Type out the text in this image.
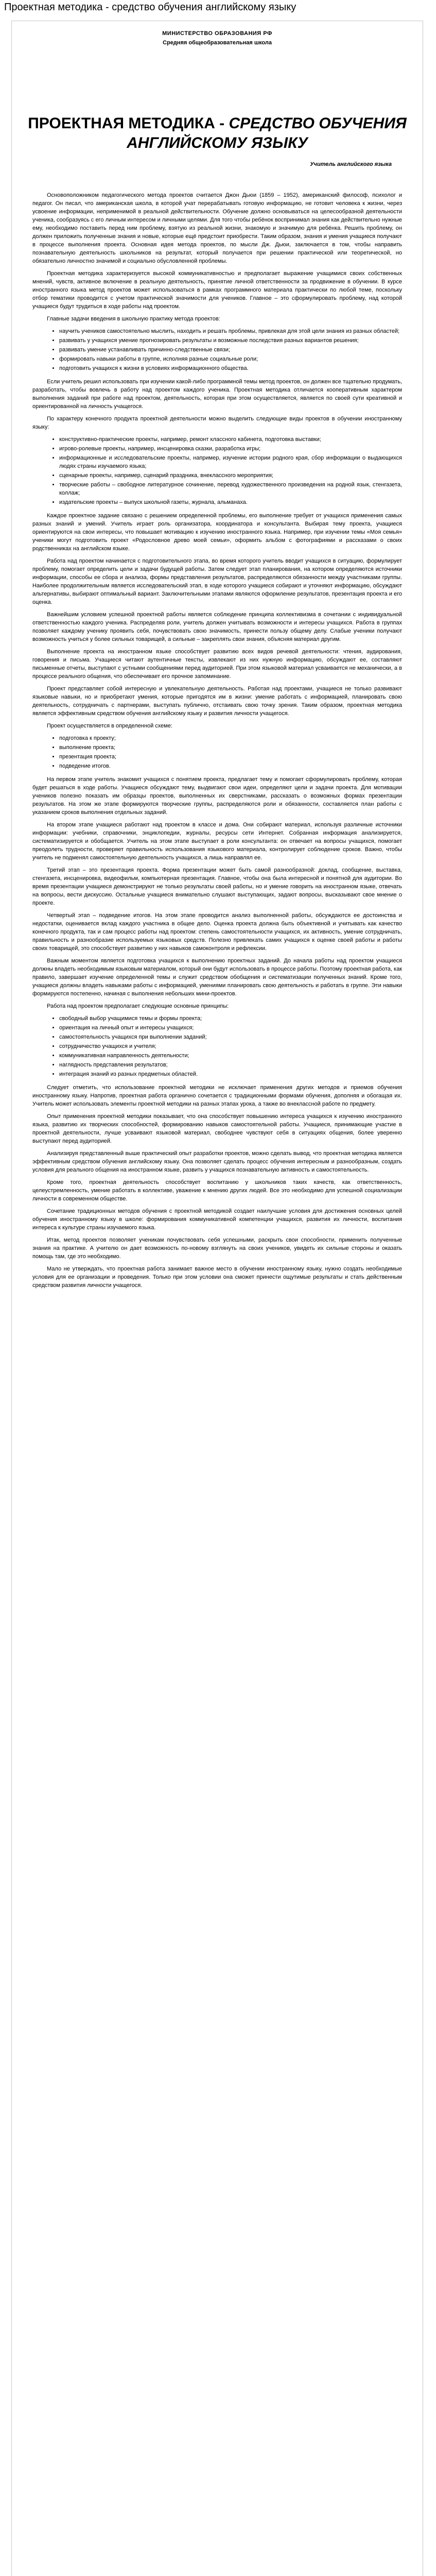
Проектная методика - средство обучения английскому языку
МИНИСТЕРСТВО ОБРАЗОВАНИЯ РФ
Средняя общеобразовательная школа
ПРОЕКТНАЯ МЕТОДИКА - СРЕДСТВО ОБУЧЕНИЯ АНГЛИЙСКОМУ ЯЗЫКУ
Учитель английского языка

Основоположником педагогического метода проектов считается Джон Дьюи (1859 – 1952), американский философ, психолог и педагог. Он писал, что американская школа, в которой учат перерабатывать готовую информацию, не готовит человека к жизни, через усвоение информации, неприменимой в реальной действительности. Обучение должно основываться на целесообразной деятельности ученика, сообразуясь с его личным интересом и личными целями. Для того чтобы ребёнок воспринимал знания как действительно нужные ему, необходимо поставить перед ним проблему, взятую из реальной жизни, знакомую и значимую для ребёнка. Решить проблему, он должен приложить полученные знания и новые, которые ещё предстоит приобрести. Таким образом, знания и умения учащиеся получают в процессе выполнения проекта. Основная идея метода проектов, по мысли Дж. Дьюи, заключается в том, чтобы направить познавательную деятельность школьников на результат, который получается при решении практической или теоретической, но обязательно личностно значимой и социально обусловленной проблемы.

Проектная методика характеризуется высокой коммуникативностью и предполагает выражение учащимися своих собственных мнений, чувств, активное включение в реальную деятельность, принятие личной ответственности за продвижение в обучении. В курсе иностранного языка метод проектов может использоваться в рамках программного материала практически по любой теме, поскольку отбор тематики проводится с учетом практической значимости для учеников. Главное – это сформулировать проблему, над которой учащиеся будут трудиться в ходе работы над проектом.

Главные задачи введения в школьную практику метода проектов:

• научить учеников самостоятельно мыслить, находить и решать проблемы, привлекая для этой цели знания из разных областей;
• развивать у учащихся умение прогнозировать результаты и возможные последствия разных вариантов решения;
• развивать умение устанавливать причинно-следственные связи;
• формировать навыки работы в группе, исполняя разные социальные роли;
• подготовить учащихся к жизни в условиях информационного общества.

Если учитель решил использовать при изучении какой-либо программной темы метод проектов, он должен все тщательно продумать, разработать, чтобы вовлечь в работу над проектом каждого ученика. Проектная методика отличается кооперативным характером выполнения заданий при работе над проектом, деятельность, которая при этом осуществляется, является по своей сути креативной и ориентированной на личность учащегося.

По характеру конечного продукта проектной деятельности можно выделить следующие виды проектов в обучении иностранному языку:

• конструктивно-практические проекты, например, ремонт классного кабинета, подготовка выставки;
• игрово-ролевые проекты, например, инсценировка сказки, разработка игры;
• информационные и исследовательские проекты, например, изучение истории родного края, сбор информации о выдающихся людях страны изучаемого языка;
• сценарные проекты, например, сценарий праздника, внеклассного мероприятия;
• творческие работы – свободное литературное сочинение, перевод художественного произведения на родной язык, стенгазета, коллаж;
• издательские проекты – выпуск школьной газеты, журнала, альманаха.

Каждое проектное задание связано с решением определенной проблемы, его выполнение требует от учащихся применения самых разных знаний и умений. Учитель играет роль организатора, координатора и консультанта. Выбирая тему проекта, учащиеся ориентируются на свои интересы, что повышает мотивацию к изучению иностранного языка. Например, при изучении темы «Моя семья» ученики могут подготовить проект «Родословное древо моей семьи», оформить альбом с фотографиями и рассказами о своих родственниках на английском языке.

Работа над проектом начинается с подготовительного этапа, во время которого учитель вводит учащихся в ситуацию, формулирует проблему, помогает определить цели и задачи будущей работы. Затем следует этап планирования, на котором определяются источники информации, способы ее сбора и анализа, формы представления результатов, распределяются обязанности между участниками группы. Наиболее продолжительным является исследовательский этап, в ходе которого учащиеся собирают и уточняют информацию, обсуждают альтернативы, выбирают оптимальный вариант. Заключительными этапами являются оформление результатов, презентация проекта и его оценка.

Важнейшим условием успешной проектной работы является соблюдение принципа коллективизма в сочетании с индивидуальной ответственностью каждого ученика. Распределяя роли, учитель должен учитывать возможности и интересы учащихся. Работа в группах позволяет каждому ученику проявить себя, почувствовать свою значимость, принести пользу общему делу. Слабые ученики получают возможность учиться у более сильных товарищей, а сильные – закреплять свои знания, объясняя материал другим.

Выполнение проекта на иностранном языке способствует развитию всех видов речевой деятельности: чтения, аудирования, говорения и письма. Учащиеся читают аутентичные тексты, извлекают из них нужную информацию, обсуждают ее, составляют письменные отчеты, выступают с устными сообщениями перед аудиторией. При этом языковой материал усваивается не механически, а в процессе реального общения, что обеспечивает его прочное запоминание.

Проект представляет собой интересную и увлекательную деятельность. Работая над проектами, учащиеся не только развивают языковые навыки, но и приобретают умения, которые пригодятся им в жизни: умение работать с информацией, планировать свою деятельность, сотрудничать с партнерами, выступать публично, отстаивать свою точку зрения. Таким образом, проектная методика является эффективным средством обучения английскому языку и развития личности учащегося.

Проект осуществляется в определенной схеме:

• подготовка к проекту;
• выполнение проекта;
• презентация проекта;
• подведение итогов.

На первом этапе учитель знакомит учащихся с понятием проекта, предлагает тему и помогает сформулировать проблему, которая будет решаться в ходе работы. Учащиеся обсуждают тему, выдвигают свои идеи, определяют цели и задачи проекта. Для мотивации учеников полезно показать им образцы проектов, выполненных их сверстниками, рассказать о возможных формах презентации результатов. На этом же этапе формируются творческие группы, распределяются роли и обязанности, составляется план работы с указанием сроков выполнения отдельных заданий.

На втором этапе учащиеся работают над проектом в классе и дома. Они собирают материал, используя различные источники информации: учебники, справочники, энциклопедии, журналы, ресурсы сети Интернет. Собранная информация анализируется, систематизируется и обобщается. Учитель на этом этапе выступает в роли консультанта: он отвечает на вопросы учащихся, помогает преодолеть трудности, проверяет правильность использования языкового материала, контролирует соблюдение сроков. Важно, чтобы учитель не подменял самостоятельную деятельность учащихся, а лишь направлял ее.

Третий этап – это презентация проекта. Форма презентации может быть самой разнообразной: доклад, сообщение, выставка, стенгазета, инсценировка, видеофильм, компьютерная презентация. Главное, чтобы она была интересной и понятной для аудитории. Во время презентации учащиеся демонстрируют не только результаты своей работы, но и умение говорить на иностранном языке, отвечать на вопросы, вести дискуссию. Остальные учащиеся внимательно слушают выступающих, задают вопросы, высказывают свое мнение о проекте.

Четвертый этап – подведение итогов. На этом этапе проводится анализ выполненной работы, обсуждаются ее достоинства и недостатки, оценивается вклад каждого участника в общее дело. Оценка проекта должна быть объективной и учитывать как качество конечного продукта, так и сам процесс работы над проектом: степень самостоятельности учащихся, их активность, умение сотрудничать, правильность и разнообразие используемых языковых средств. Полезно привлекать самих учащихся к оценке своей работы и работы своих товарищей, это способствует развитию у них навыков самоконтроля и рефлексии.

Важным моментом является подготовка учащихся к выполнению проектных заданий. До начала работы над проектом учащиеся должны владеть необходимым языковым материалом, который они будут использовать в процессе работы. Поэтому проектная работа, как правило, завершает изучение определенной темы и служит средством обобщения и систематизации полученных знаний. Кроме того, учащиеся должны владеть навыками работы с информацией, умениями планировать свою деятельность и работать в группе. Эти навыки формируются постепенно, начиная с выполнения небольших мини-проектов.

Работа над проектом предполагает следующие основные принципы:

• свободный выбор учащимися темы и формы проекта;
• ориентация на личный опыт и интересы учащихся;
• самостоятельность учащихся при выполнении заданий;
• сотрудничество учащихся и учителя;
• коммуникативная направленность деятельности;
• наглядность представления результатов;
• интеграция знаний из разных предметных областей.

Следует отметить, что использование проектной методики не исключает применения других методов и приемов обучения иностранному языку. Напротив, проектная работа органично сочетается с традиционными формами обучения, дополняя и обогащая их. Учитель может использовать элементы проектной методики на разных этапах урока, а также во внеклассной работе по предмету.

Опыт применения проектной методики показывает, что она способствует повышению интереса учащихся к изучению иностранного языка, развитию их творческих способностей, формированию навыков самостоятельной работы. Учащиеся, принимающие участие в проектной деятельности, лучше усваивают языковой материал, свободнее чувствуют себя в ситуациях общения, более уверенно выступают перед аудиторией.

Анализируя представленный выше практический опыт разработки проектов, можно сделать вывод, что проектная методика является эффективным средством обучения английскому языку. Она позволяет сделать процесс обучения интересным и разнообразным, создать условия для реального общения на иностранном языке, развить у учащихся познавательную активность и самостоятельность.

Кроме того, проектная деятельность способствует воспитанию у школьников таких качеств, как ответственность, целеустремленность, умение работать в коллективе, уважение к мнению других людей. Все это необходимо для успешной социализации личности в современном обществе.

Сочетание традиционных методов обучения с проектной методикой создает наилучшие условия для достижения основных целей обучения иностранному языку в школе: формирования коммуникативной компетенции учащихся, развития их личности, воспитания интереса к культуре страны изучаемого языка.

Итак, метод проектов позволяет ученикам почувствовать себя успешными, раскрыть свои способности, применить полученные знания на практике. А учителю он дает возможность по-новому взглянуть на своих учеников, увидеть их сильные стороны и оказать помощь там, где это необходимо.

Мало не утверждать, что проектная работа занимает важное место в обучении иностранному языку, нужно создать необходимые условия для ее организации и проведения. Только при этом условии она сможет принести ощутимые результаты и стать действенным средством развития личности учащегося.
